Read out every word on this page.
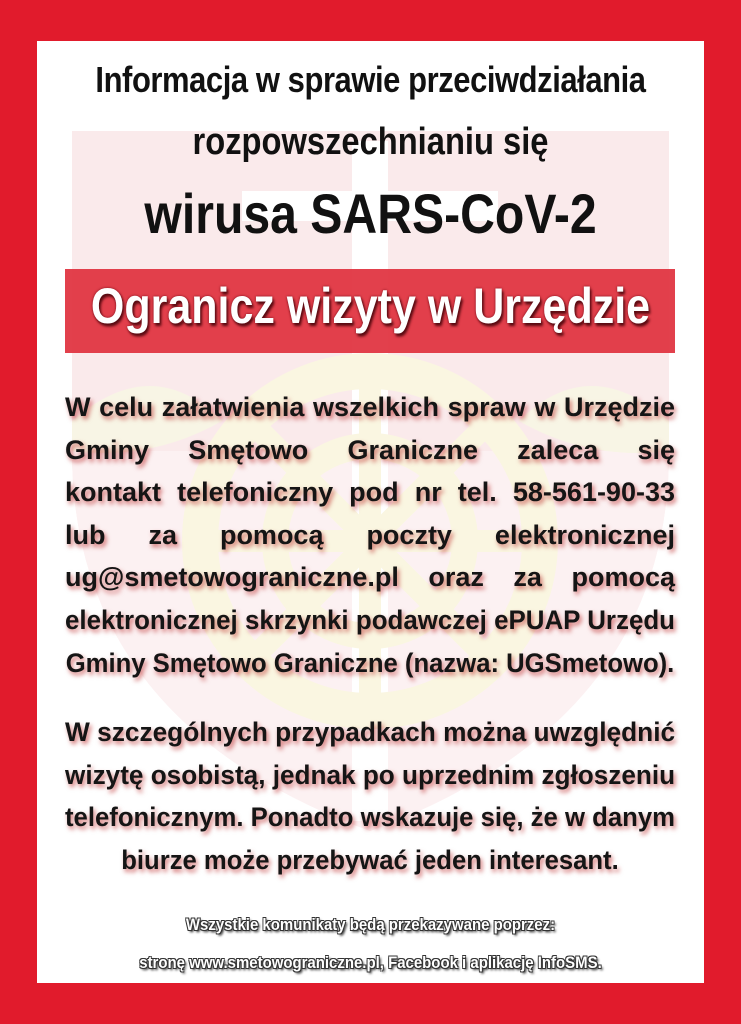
Informacja w sprawie przeciwdziałania
rozpowszechnianiu się
wirusa SARS-CoV-2
Ogranicz wizyty w Urzędzie
W celu załatwienia wszelkich spraw w Urzędzie
Gminy Smętowo Graniczne zaleca się
kontakt telefoniczny pod nr tel. 58-561-90-33
lub za pomocą poczty elektronicznej
ug@smetowograniczne.pl oraz za pomocą
elektronicznej skrzynki podawczej ePUAP Urzędu
Gminy Smętowo Graniczne (nazwa: UGSmetowo).
W szczególnych przypadkach można uwzględnić
wizytę osobistą, jednak po uprzednim zgłoszeniu
telefonicznym. Ponadto wskazuje się, że w danym
biurze może przebywać jeden interesant.
Wszystkie komunikaty będą przekazywane poprzez:
stronę www.smetowograniczne.pl, Facebook i aplikację InfoSMS.
